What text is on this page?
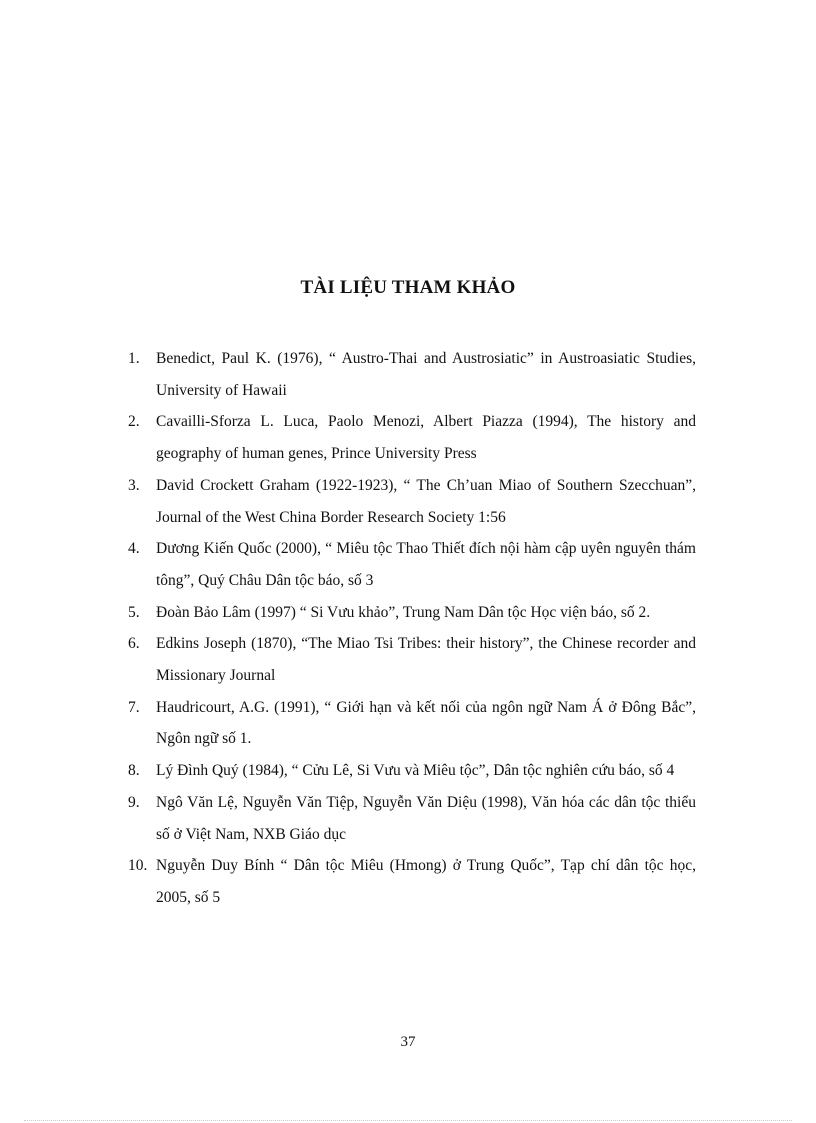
TÀI LIỆU THAM KHẢO
1.	Benedict, Paul K. (1976), “ Austro-Thai and Austrosiatic” in Austroasiatic Studies, University of Hawaii
2.	Cavailli-Sforza L. Luca, Paolo Menozi, Albert Piazza (1994), The history and geography of human genes, Prince University Press
3.	David Crockett Graham (1922-1923), “ The Ch’uan Miao of Southern Szecchuan”, Journal of the West China Border Research Society 1:56
4.	Dương Kiến Quốc (2000), “ Miêu tộc Thao Thiết đích nội hàm cập uyên nguyên thám tông”, Quý Châu Dân tộc báo, số 3
5.	Đoàn Bảo Lâm (1997) “ Si Vưu khảo”, Trung Nam Dân tộc Học viện báo, số 2.
6.	Edkins Joseph (1870), “The Miao Tsi Tribes: their history”, the Chinese recorder and Missionary Journal
7.	Haudricourt, A.G. (1991), “ Giới hạn và kết nối của ngôn ngữ Nam Á ở Đông Bắc”, Ngôn ngữ số 1.
8.	Lý Đình Quý (1984), “ Cửu Lê, Si Vưu và Miêu tộc”, Dân tộc nghiên cứu báo, số 4
9.	Ngô Văn Lệ, Nguyễn Văn Tiệp, Nguyễn Văn Diệu (1998), Văn hóa các dân tộc thiểu số ở Việt Nam, NXB Giáo dục
10. Nguyễn Duy Bính “ Dân tộc Miêu (Hmong) ở Trung Quốc”, Tạp chí dân tộc học, 2005, số 5
37
